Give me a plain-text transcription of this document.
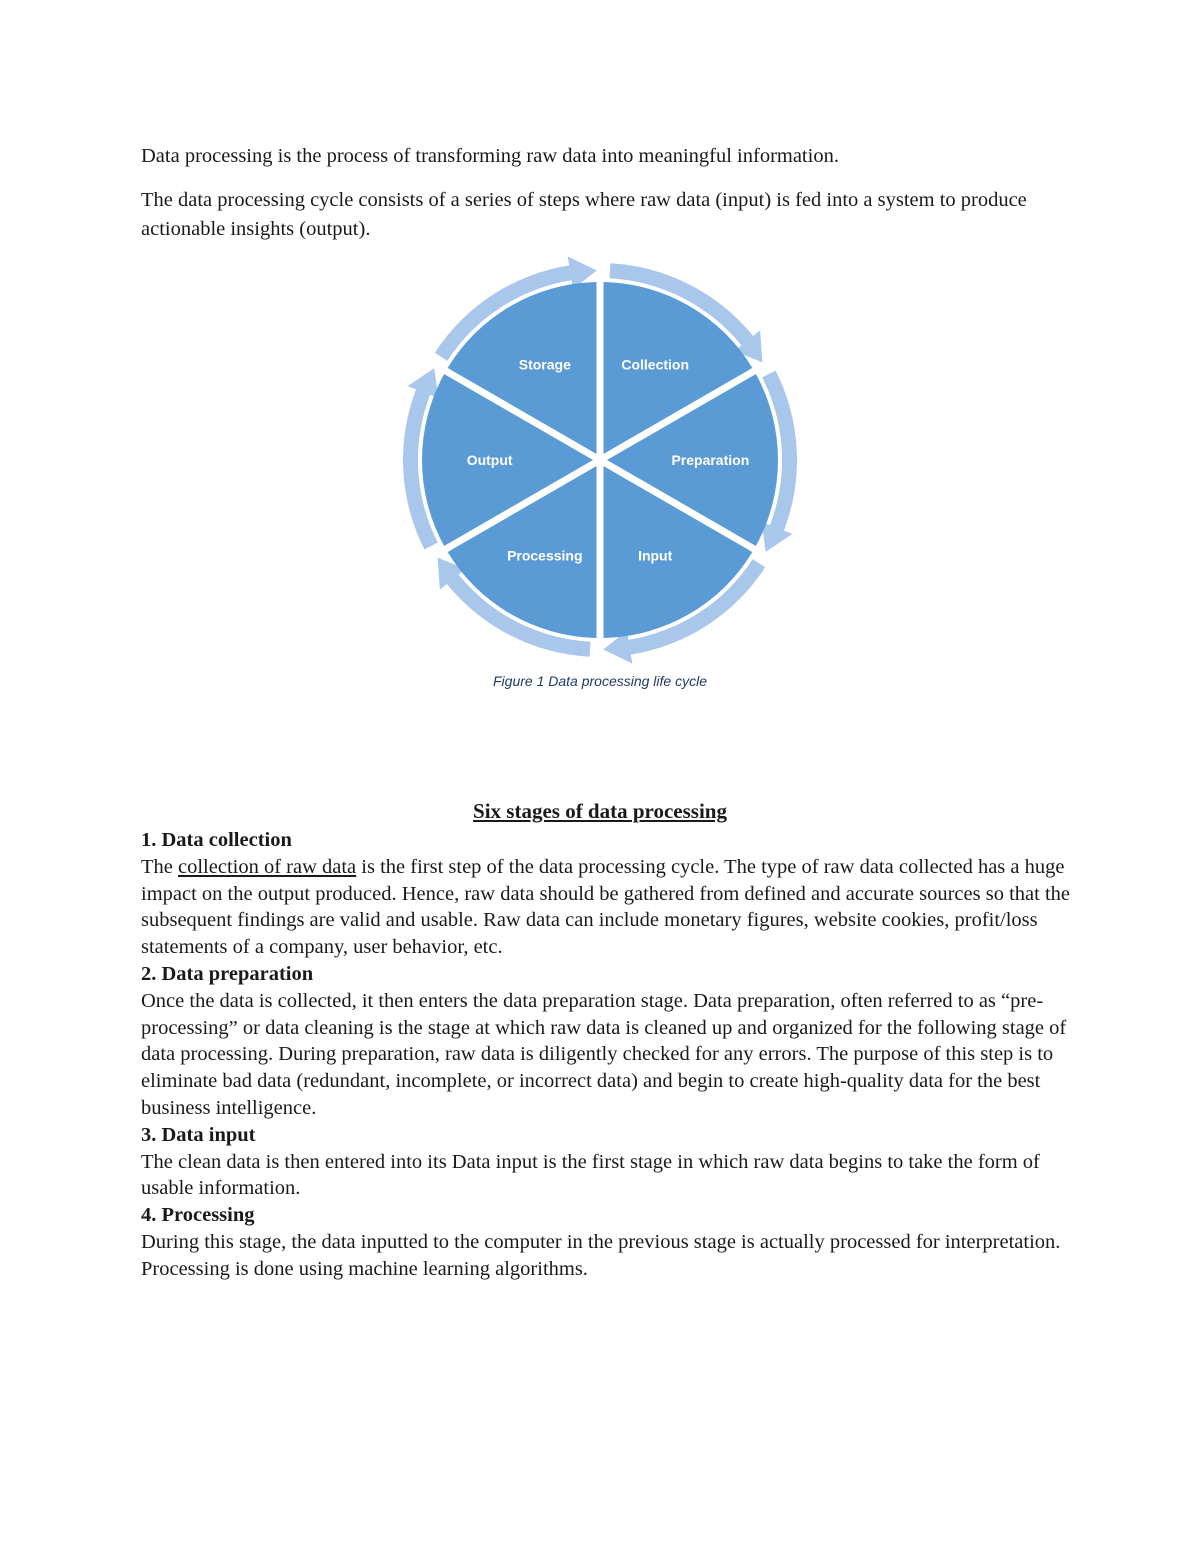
Data processing is the process of transforming raw data into meaningful information.

The data processing cycle consists of a series of steps where raw data (input) is fed into a system to produce actionable insights (output).

Collection
Preparation
Input
Processing
Output
Storage
Figure 1 Data processing life cycle
Six stages of data processing

1. Data collection

The collection of raw data is the first step of the data processing cycle. The type of raw data collected has a huge impact on the output produced. Hence, raw data should be gathered from defined and accurate sources so that the subsequent findings are valid and usable. Raw data can include monetary figures, website cookies, profit/loss statements of a company, user behavior, etc.

2. Data preparation

Once the data is collected, it then enters the data preparation stage. Data preparation, often referred to as “pre-processing” or data cleaning is the stage at which raw data is cleaned up and organized for the following stage of data processing. During preparation, raw data is diligently checked for any errors. The purpose of this step is to eliminate bad data (redundant, incomplete, or incorrect data) and begin to create high-quality data for the best business intelligence.

3. Data input

The clean data is then entered into its Data input is the first stage in which raw data begins to take the form of usable information.

4. Processing

During this stage, the data inputted to the computer in the previous stage is actually processed for interpretation. Processing is done using machine learning algorithms.
